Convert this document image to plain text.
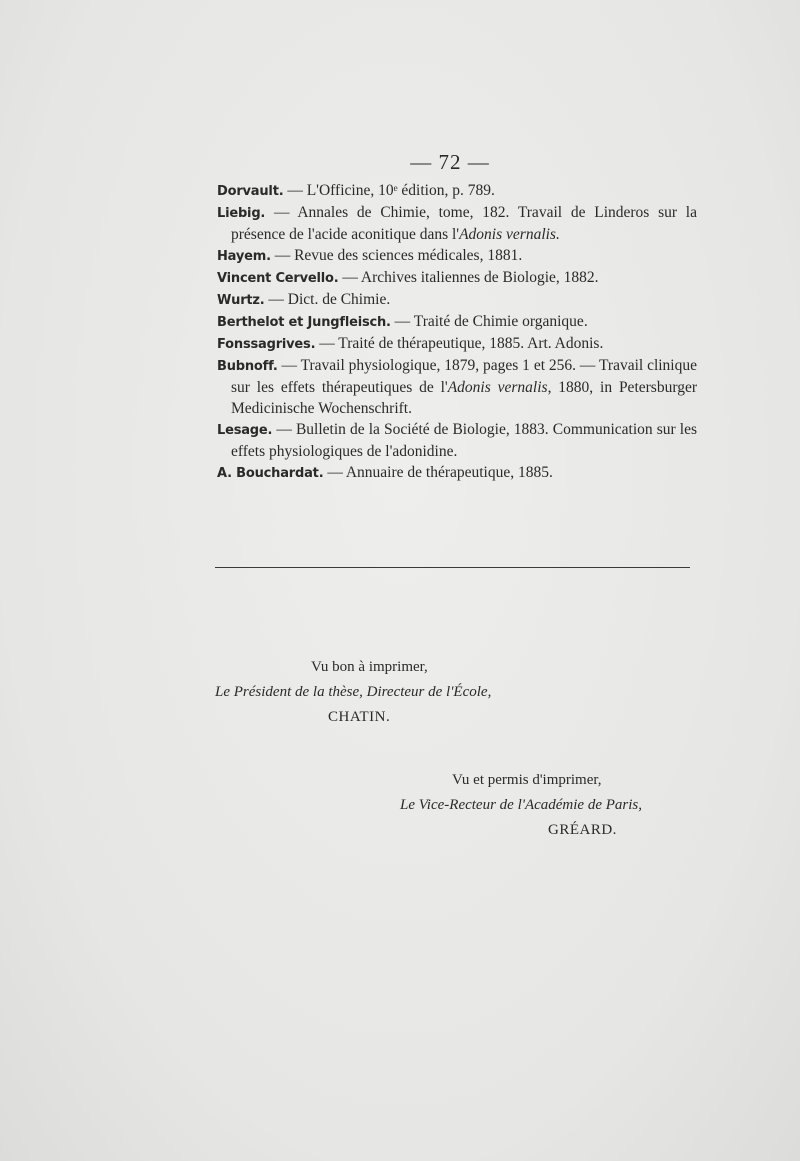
— 72 —

Dorvault. — L'Officine, 10ᵉ édition, p. 789.

Liebig. — Annales de Chimie, tome, 182. Travail de Linderos sur la présence de l'acide aconitique dans l'Adonis vernalis.

Hayem. — Revue des sciences médicales, 1881.

Vincent Cervello. — Archives italiennes de Biologie, 1882.

Wurtz. — Dict. de Chimie.

Berthelot et Jungfleisch. — Traité de Chimie organique.

Fonssagrives. — Traité de thérapeutique, 1885. Art. Adonis.

Bubnoff. — Travail physiologique, 1879, pages 1 et 256. — Travail clinique sur les effets thérapeutiques de l'Adonis vernalis, 1880, in Petersburger Medicinische Wochenschrift.

Lesage. — Bulletin de la Société de Biologie, 1883. Communication sur les effets physiologiques de l'adonidine.

A. Bouchardat. — Annuaire de thérapeutique, 1885.

Vu bon à imprimer,
Le Président de la thèse, Directeur de l'École,
CHATIN.
Vu et permis d'imprimer,
Le Vice-Recteur de l'Académie de Paris,
GRÉARD.
